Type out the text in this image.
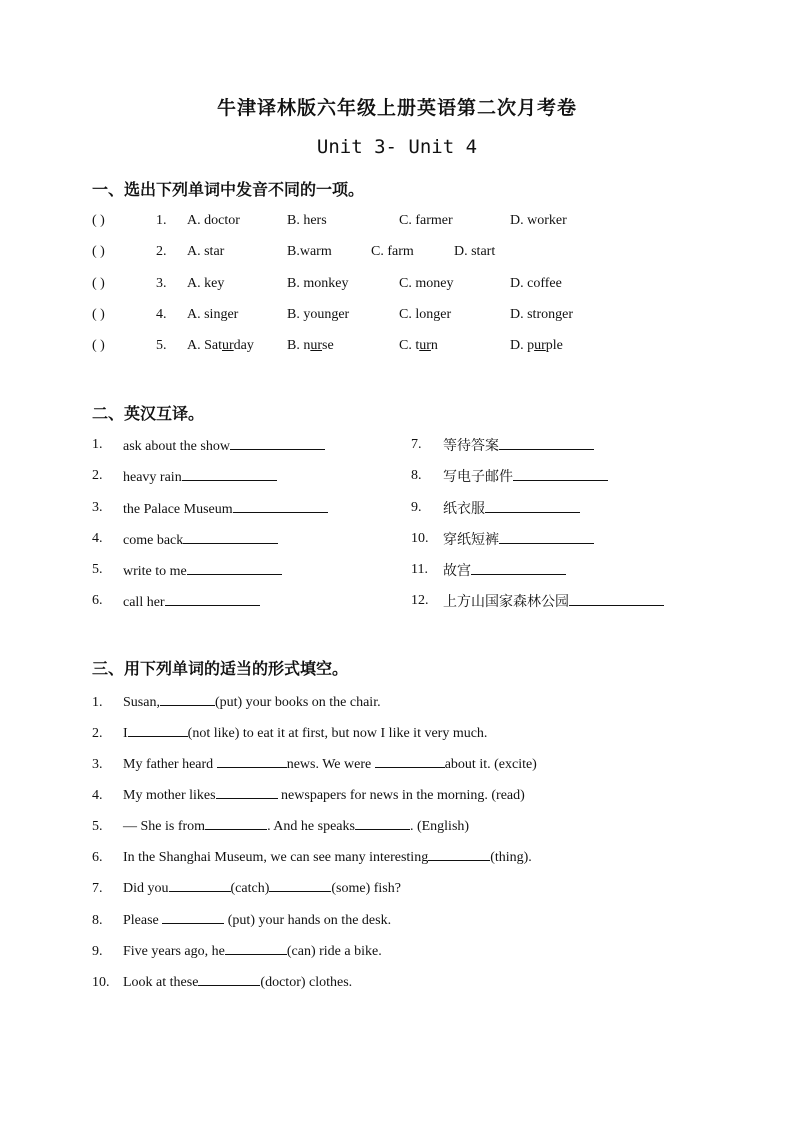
牛津译林版六年级上册英语第二次月考卷
Unit 3- Unit 4
一、选出下列单词中发音不同的一项。
( )	1. A. doctor	B. hers	C. farmer	D. worker
( )	2. A. star	B.warm	C. farm	D. start
( )	3. A. key	B. monkey	C. money	D. coffee
( )	4. A. singer	B. younger	C. longer	D. stronger
( )	5. A. Saturday B. nurse	C. turn	D. purple
二、英汉互译。
1. ask about the show
2. heavy rain
3. the Palace Museum
4. come back
5. write to me
6. call her
7. 等待答案
8. 写电子邮件
9. 纸衣服
10. 穿纸短裤
11. 故宫
12. 上方山国家森林公园
三、用下列单词的适当的形式填空。
1. Susan,	(put) your books on the chair.
2. I	(not like) to eat it at first, but now I like it very much.
3. My father heard	news. We were	about it. (excite)
4. My mother likes	newspapers for news in the morning. (read)
5. — She is from	. And he speaks	. (English)
6. In the Shanghai Museum, we can see many interesting	(thing).
7. Did you	(catch)	(some) fish?
8. Please	(put) your hands on the desk.
9. Five years ago, he	(can) ride a bike.
10. Look at these	(doctor) clothes.
